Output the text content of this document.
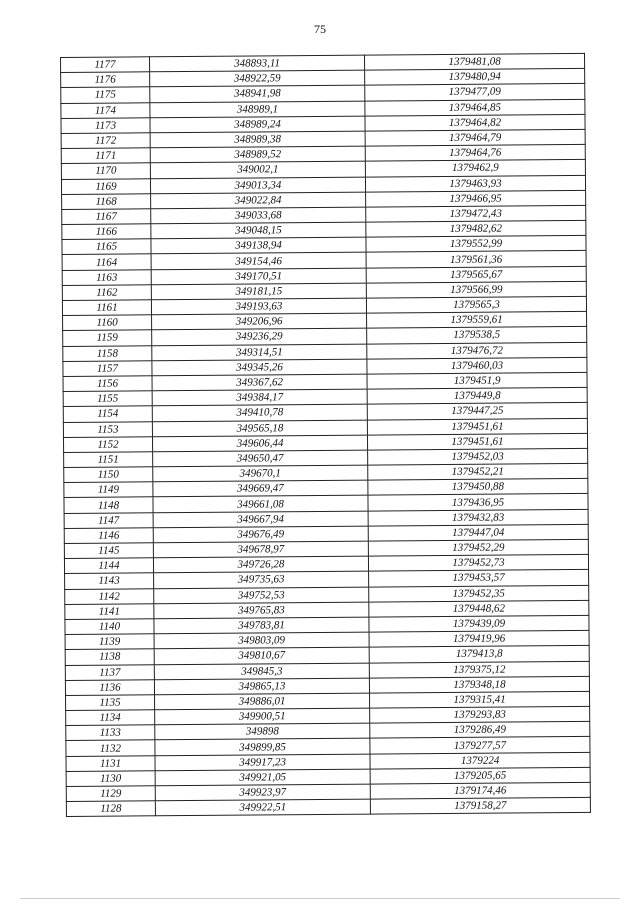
75
1177	348893,11	1379481,08
1176	348922,59	1379480,94
1175	348941,98	1379477,09
1174	348989,1	1379464,85
1173	348989,24	1379464,82
1172	348989,38	1379464,79
1171	348989,52	1379464,76
1170	349002,1	1379462,9
1169	349013,34	1379463,93
1168	349022,84	1379466,95
1167	349033,68	1379472,43
1166	349048,15	1379482,62
1165	349138,94	1379552,99
1164	349154,46	1379561,36
1163	349170,51	1379565,67
1162	349181,15	1379566,99
1161	349193,63	1379565,3
1160	349206,96	1379559,61
1159	349236,29	1379538,5
1158	349314,51	1379476,72
1157	349345,26	1379460,03
1156	349367,62	1379451,9
1155	349384,17	1379449,8
1154	349410,78	1379447,25
1153	349565,18	1379451,61
1152	349606,44	1379451,61
1151	349650,47	1379452,03
1150	349670,1	1379452,21
1149	349669,47	1379450,88
1148	349661,08	1379436,95
1147	349667,94	1379432,83
1146	349676,49	1379447,04
1145	349678,97	1379452,29
1144	349726,28	1379452,73
1143	349735,63	1379453,57
1142	349752,53	1379452,35
1141	349765,83	1379448,62
1140	349783,81	1379439,09
1139	349803,09	1379419,96
1138	349810,67	1379413,8
1137	349845,3	1379375,12
1136	349865,13	1379348,18
1135	349886,01	1379315,41
1134	349900,51	1379293,83
1133	349898	1379286,49
1132	349899,85	1379277,57
1131	349917,23	1379224
1130	349921,05	1379205,65
1129	349923,97	1379174,46
1128	349922,51	1379158,27
